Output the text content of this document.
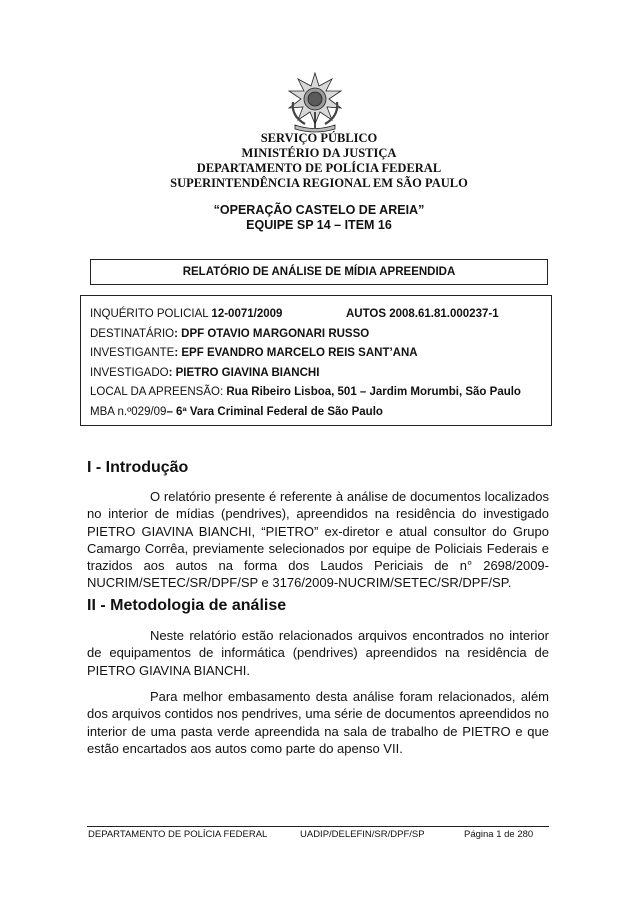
SERVIÇO PÚBLICO
MINISTÉRIO DA JUSTIÇA
DEPARTAMENTO DE POLÍCIA FEDERAL
SUPERINTENDÊNCIA REGIONAL EM SÃO PAULO
“OPERAÇÃO CASTELO DE AREIA”
EQUIPE SP 14 – ITEM 16
RELATÓRIO DE ANÁLISE DE MÍDIA APREENDIDA
INQUÉRITO POLICIAL 12-0071/2009	AUTOS 2008.61.81.000237-1
DESTINATÁRIO: DPF OTAVIO MARGONARI RUSSO
INVESTIGANTE: EPF EVANDRO MARCELO REIS SANT’ANA
INVESTIGADO: PIETRO GIAVINA BIANCHI
LOCAL DA APREENSÃO: Rua Ribeiro Lisboa, 501 – Jardim Morumbi, São Paulo
MBA n.º029/09– 6ª Vara Criminal Federal de São Paulo
I - Introdução
O relatório presente é referente à análise de documentos localizados
no interior de mídias (pendrives), apreendidos na residência do investigado
PIETRO GIAVINA BIANCHI, “PIETRO” ex-diretor e atual consultor do Grupo
Camargo Corrêa, previamente selecionados por equipe de Policiais Federais e
trazidos aos autos na forma dos Laudos Periciais de n° 2698/2009-
NUCRIM/SETEC/SR/DPF/SP e 3176/2009-NUCRIM/SETEC/SR/DPF/SP.
II - Metodologia de análise
Neste relatório estão relacionados arquivos encontrados no interior
de equipamentos de informática (pendrives) apreendidos na residência de
PIETRO GIAVINA BIANCHI.
Para melhor embasamento desta análise foram relacionados, além
dos arquivos contidos nos pendrives, uma série de documentos apreendidos no
interior de uma pasta verde apreendida na sala de trabalho de PIETRO e que
estão encartados aos autos como parte do apenso VII.
DEPARTAMENTO DE POLÍCIA FEDERAL	UADIP/DELEFIN/SR/DPF/SP	Página 1 de 280
